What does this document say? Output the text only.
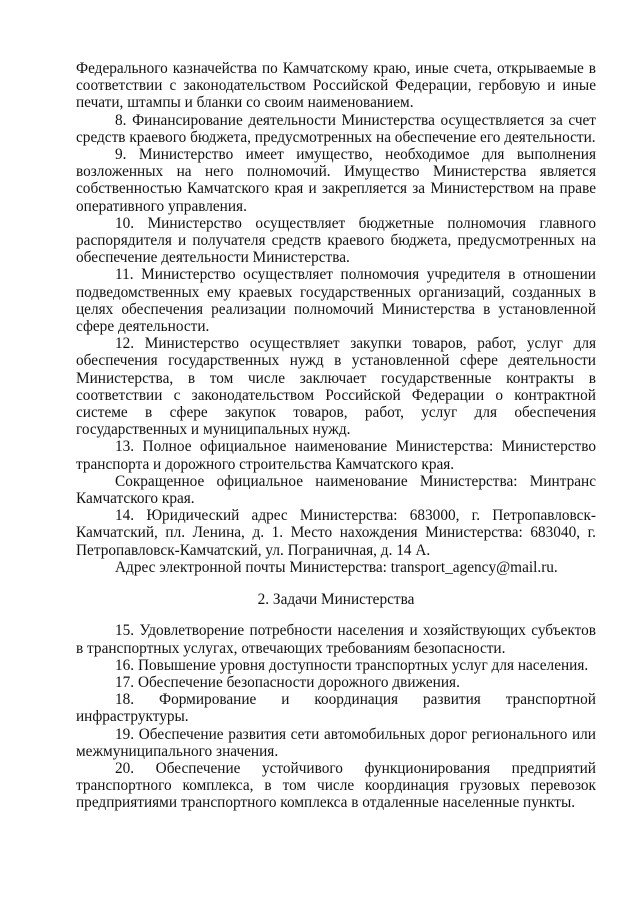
Федерального казначейства по Камчатскому краю, иные счета, открываемые в соответствии с законодательством Российской Федерации, гербовую и иные печати, штампы и бланки со своим наименованием.

8. Финансирование деятельности Министерства осуществляется за счет средств краевого бюджета, предусмотренных на обеспечение его деятельности.

9. Министерство имеет имущество, необходимое для выполнения возложенных на него полномочий. Имущество Министерства является собственностью Камчатского края и закрепляется за Министерством на праве оперативного управления.

10. Министерство осуществляет бюджетные полномочия главного распорядителя и получателя средств краевого бюджета, предусмотренных на обеспечение деятельности Министерства.

11. Министерство осуществляет полномочия учредителя в отношении подведомственных ему краевых государственных организаций, созданных в целях обеспечения реализации полномочий Министерства в установленной сфере деятельности.

12. Министерство осуществляет закупки товаров, работ, услуг для обеспечения государственных нужд в установленной сфере деятельности Министерства, в том числе заключает государственные контракты в соответствии с законодательством Российской Федерации о контрактной системе в сфере закупок товаров, работ, услуг для обеспечения государственных и муниципальных нужд.

13. Полное официальное наименование Министерства: Министерство транспорта и дорожного строительства Камчатского края.

Сокращенное официальное наименование Министерства: Минтранс Камчатского края.

14. Юридический адрес Министерства: 683000, г. Петропавловск-Камчатский, пл. Ленина, д. 1. Место нахождения Министерства: 683040, г. Петропавловск-Камчатский, ул. Пограничная, д. 14 А.

Адрес электронной почты Министерства: transport_agency@mail.ru.

2. Задачи Министерства

15. Удовлетворение потребности населения и хозяйствующих субъектов в транспортных услугах, отвечающих требованиям безопасности.

16. Повышение уровня доступности транспортных услуг для населения.

17. Обеспечение безопасности дорожного движения.

18. Формирование и координация развития транспортной инфраструктуры.

19. Обеспечение развития сети автомобильных дорог регионального или межмуниципального значения.

20. Обеспечение устойчивого функционирования предприятий транспортного комплекса, в том числе координация грузовых перевозок предприятиями транспортного комплекса в отдаленные населенные пункты.
